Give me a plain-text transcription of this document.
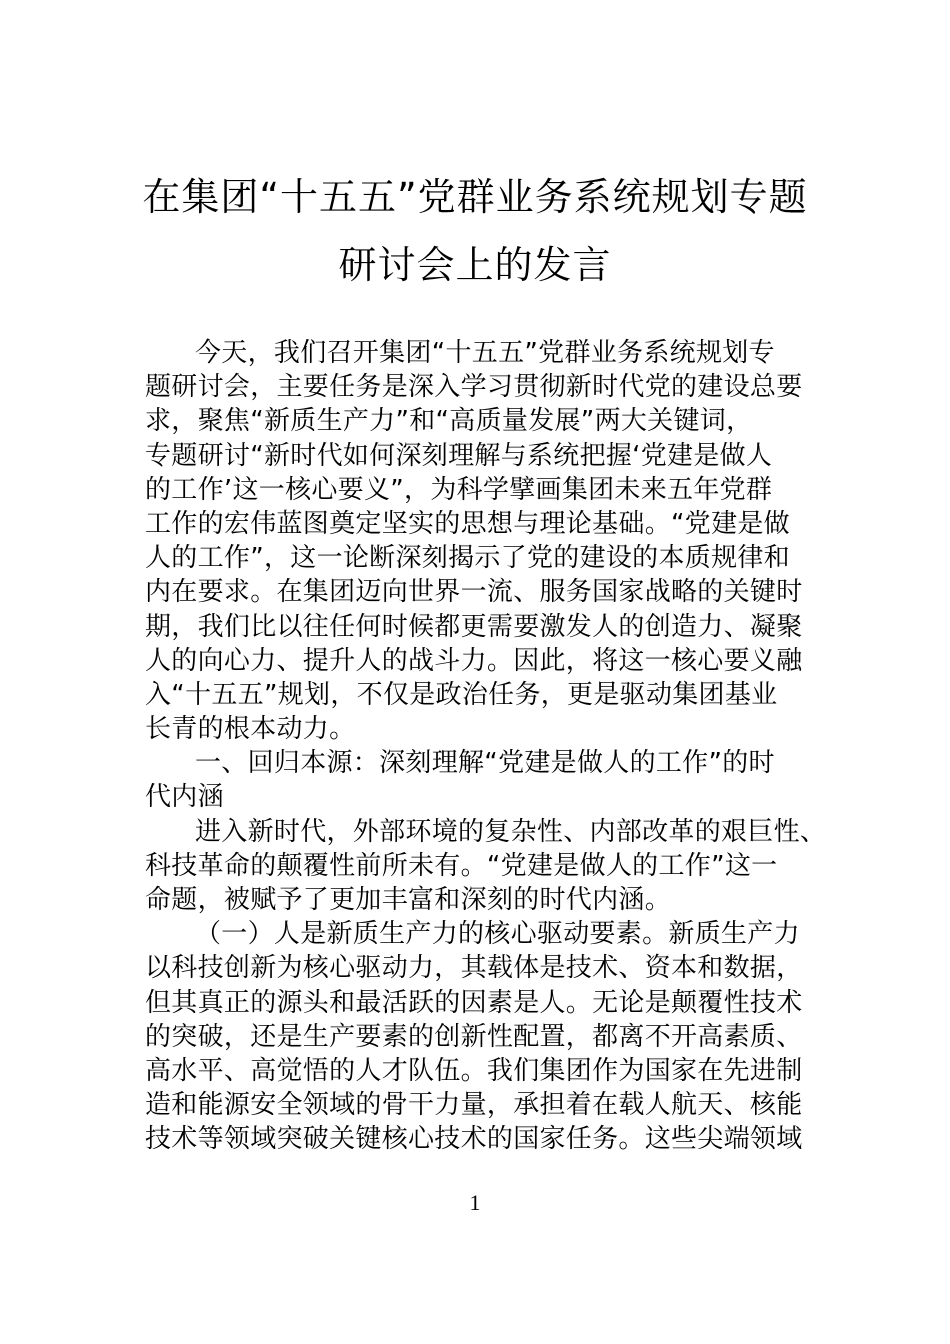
在集团“十五五”党群业务系统规划专题
研讨会上的发言
今天，我们召开集团“十五五”党群业务系统规划专
题研讨会，主要任务是深入学习贯彻新时代党的建设总要
求，聚焦“新质生产力”和“高质量发展”两大关键词，
专题研讨“新时代如何深刻理解与系统把握‘党建是做人
的工作’这一核心要义”，为科学擘画集团未来五年党群
工作的宏伟蓝图奠定坚实的思想与理论基础。“党建是做
人的工作”，这一论断深刻揭示了党的建设的本质规律和
内在要求。在集团迈向世界一流、服务国家战略的关键时
期，我们比以往任何时候都更需要激发人的创造力、凝聚
人的向心力、提升人的战斗力。因此，将这一核心要义融
入“十五五”规划，不仅是政治任务，更是驱动集团基业
长青的根本动力。
一、回归本源：深刻理解“党建是做人的工作”的时
代内涵
进入新时代，外部环境的复杂性、内部改革的艰巨性、
科技革命的颠覆性前所未有。“党建是做人的工作”这一
命题，被赋予了更加丰富和深刻的时代内涵。
（一）人是新质生产力的核心驱动要素。新质生产力
以科技创新为核心驱动力，其载体是技术、资本和数据，
但其真正的源头和最活跃的因素是人。无论是颠覆性技术
的突破，还是生产要素的创新性配置，都离不开高素质、
高水平、高觉悟的人才队伍。我们集团作为国家在先进制
造和能源安全领域的骨干力量，承担着在载人航天、核能
技术等领域突破关键核心技术的国家任务。这些尖端领域
1
